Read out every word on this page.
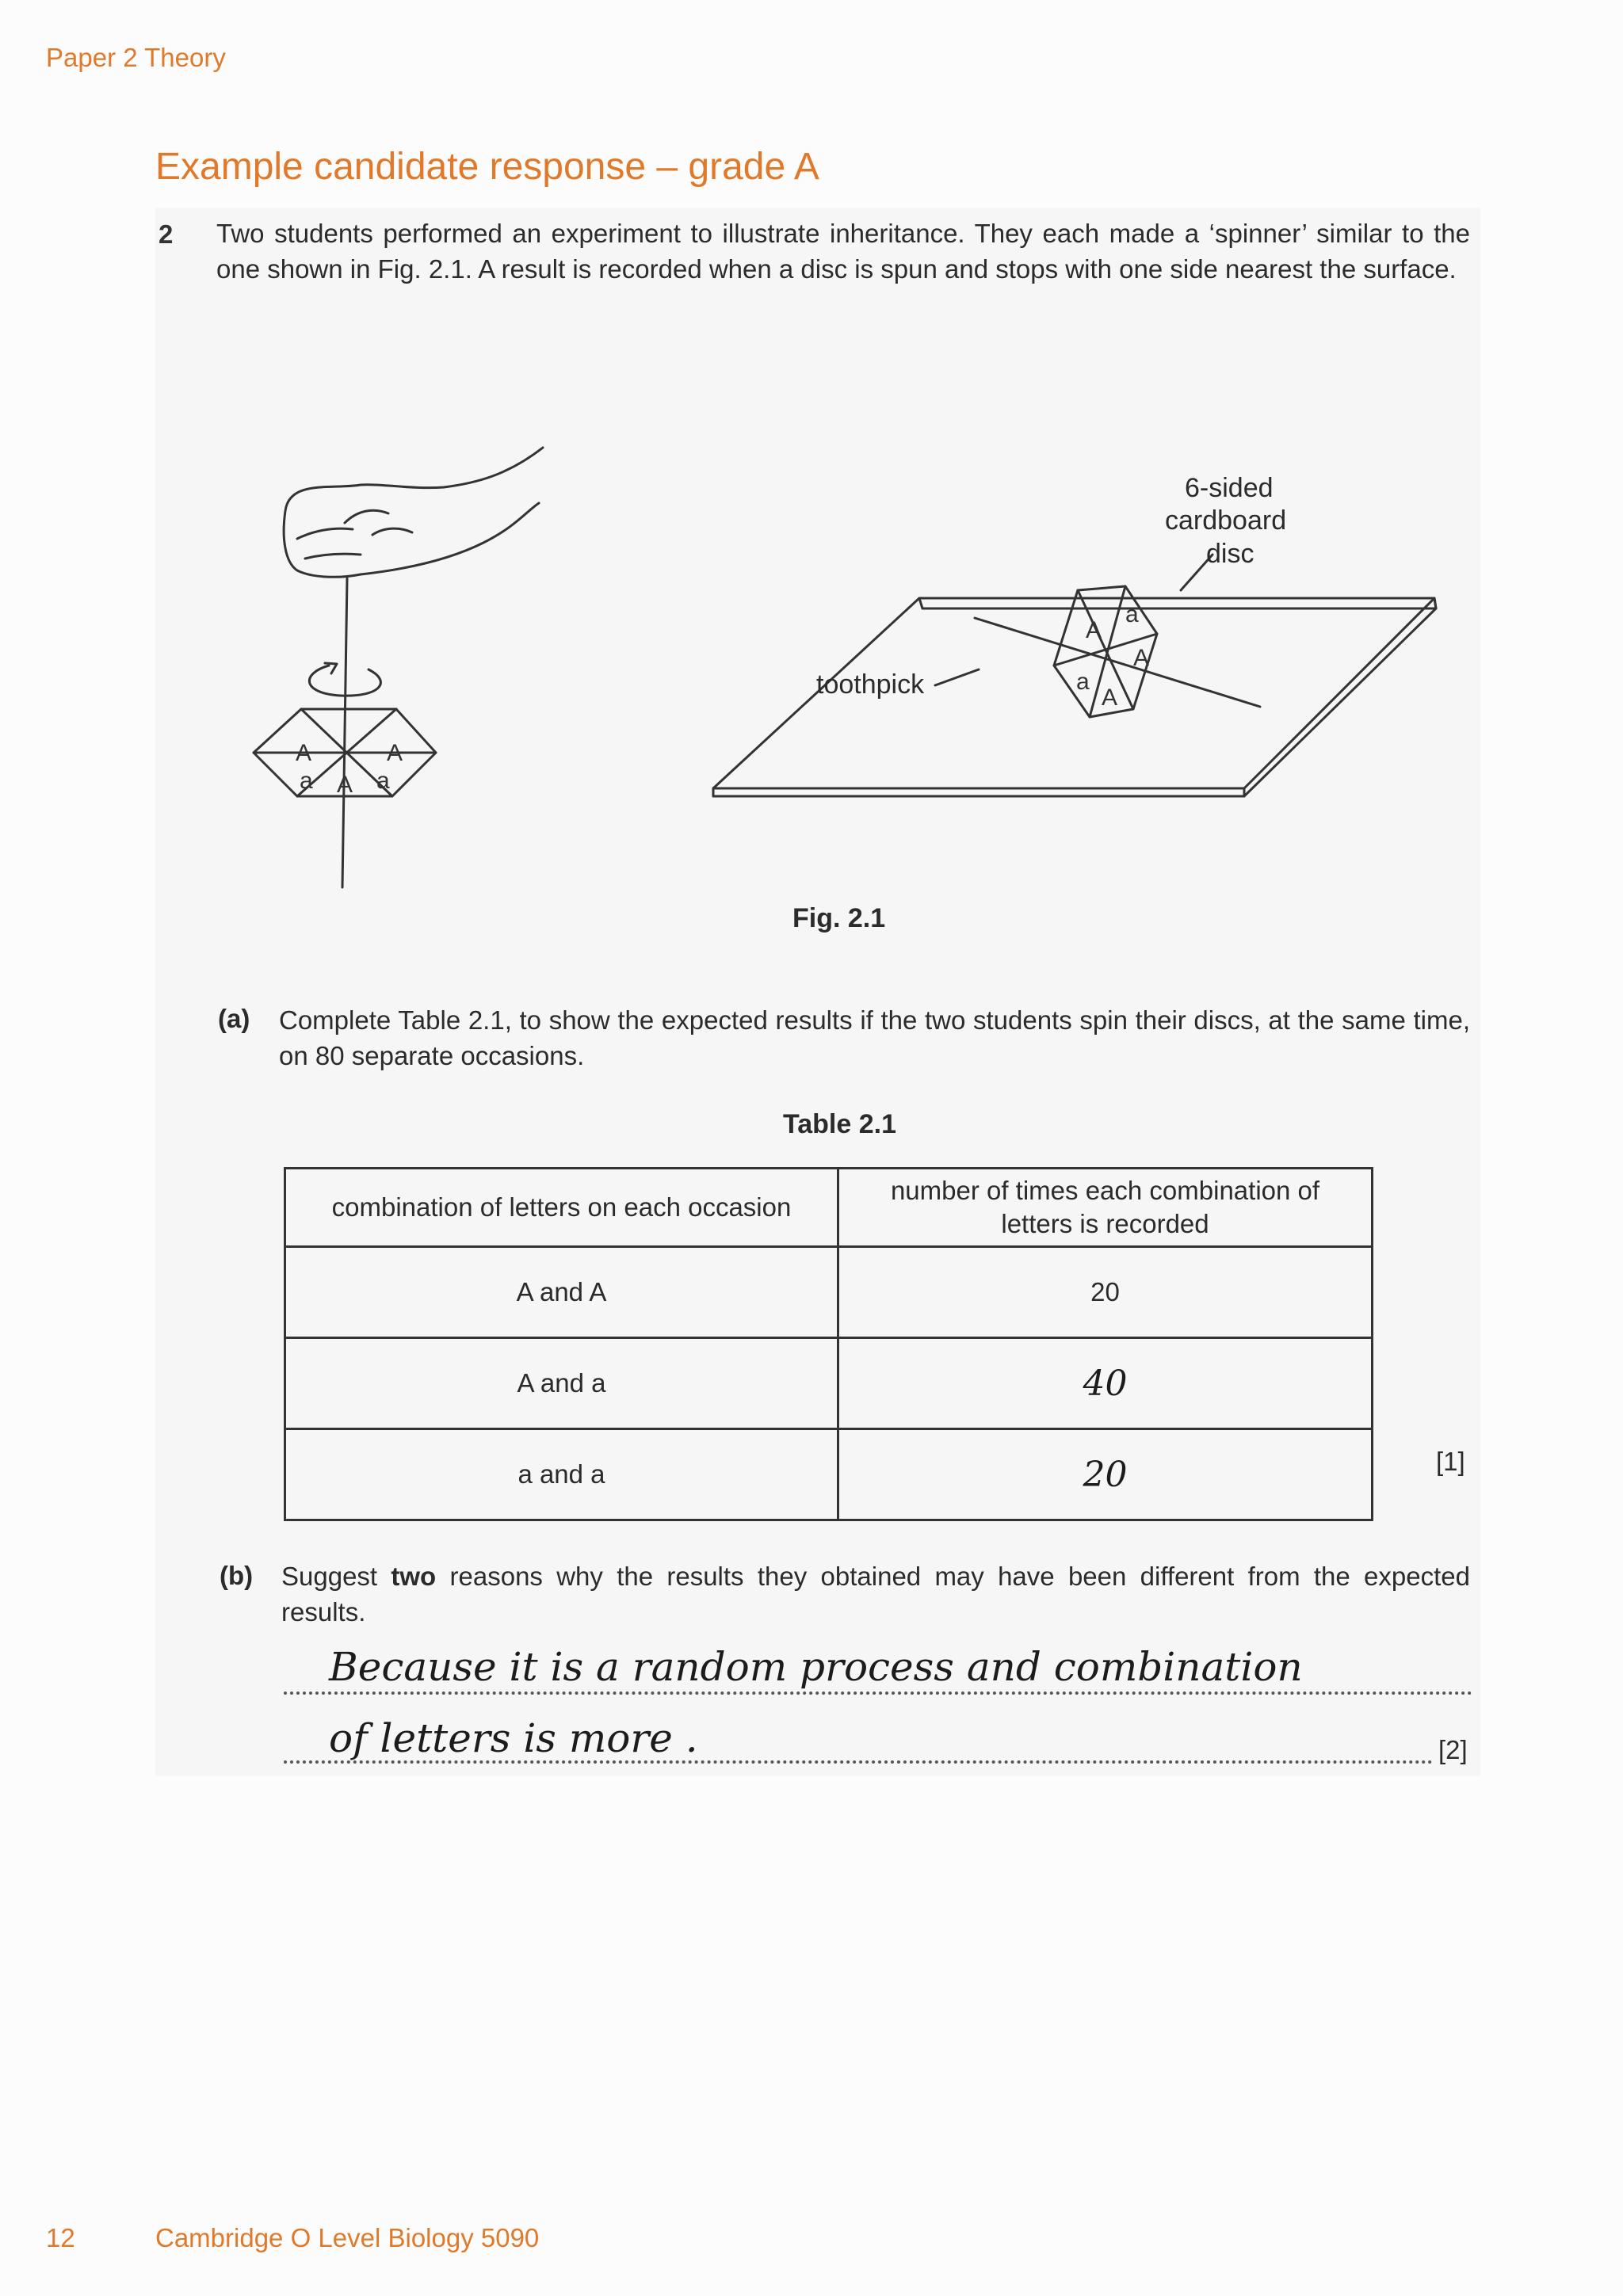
Paper 2 Theory
Example candidate response – grade A
2 Two students performed an experiment to illustrate inheritance. They each made a ‘spinner’ similar to the one shown in Fig. 2.1. A result is recorded when a disc is spun and stops with one side nearest the surface.
A	A
A
a	a
A
a
A
a
A
6-sided
cardboard
disc
toothpick
Fig. 2.1
(a) Complete Table 2.1, to show the expected results if the two students spin their discs, at the same time, on 80 separate occasions.
Table 2.1
combination of letters on each occasion	number of times each combination of letters is recorded
A and A	20
A and a	40
a and a	20	[1]
(b) Suggest two reasons why the results they obtained may have been different from the expected results.
Because it is a random process and combination
of letters is more .	[2]
12	Cambridge O Level Biology 5090
